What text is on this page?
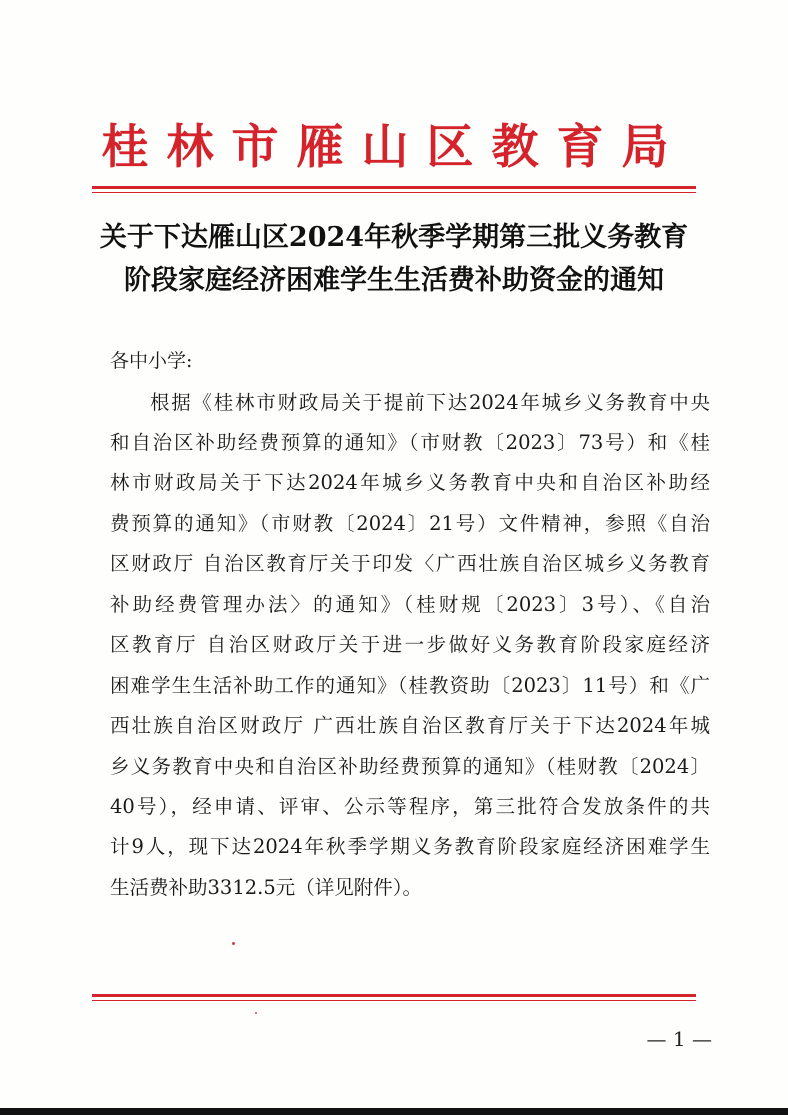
桂林市雁山区教育局
关于下达雁山区2024年秋季学期第三批义务教育
阶段家庭经济困难学生生活费补助资金的通知
各中小学:
根据《桂林市财政局关于提前下达2024年城乡义务教育中央
和自治区补助经费预算的通知》（市财教〔2023〕73号）和《桂
林市财政局关于下达2024年城乡义务教育中央和自治区补助经
费预算的通知》（市财教〔2024〕21号）文件精神，参照《自治
区财政厅 自治区教育厅关于印发〈广西壮族自治区城乡义务教育
补助经费管理办法〉的通知》（桂财规〔2023〕3号）、《自治
区教育厅 自治区财政厅关于进一步做好义务教育阶段家庭经济
困难学生生活补助工作的通知》（桂教资助〔2023〕11号）和《广
西壮族自治区财政厅 广西壮族自治区教育厅关于下达2024年城
乡义务教育中央和自治区补助经费预算的通知》（桂财教〔2024〕
40号），经申请、评审、公示等程序，第三批符合发放条件的共
计9人，现下达2024年秋季学期义务教育阶段家庭经济困难学生
生活费补助3312.5元（详见附件）。
— 1 —
